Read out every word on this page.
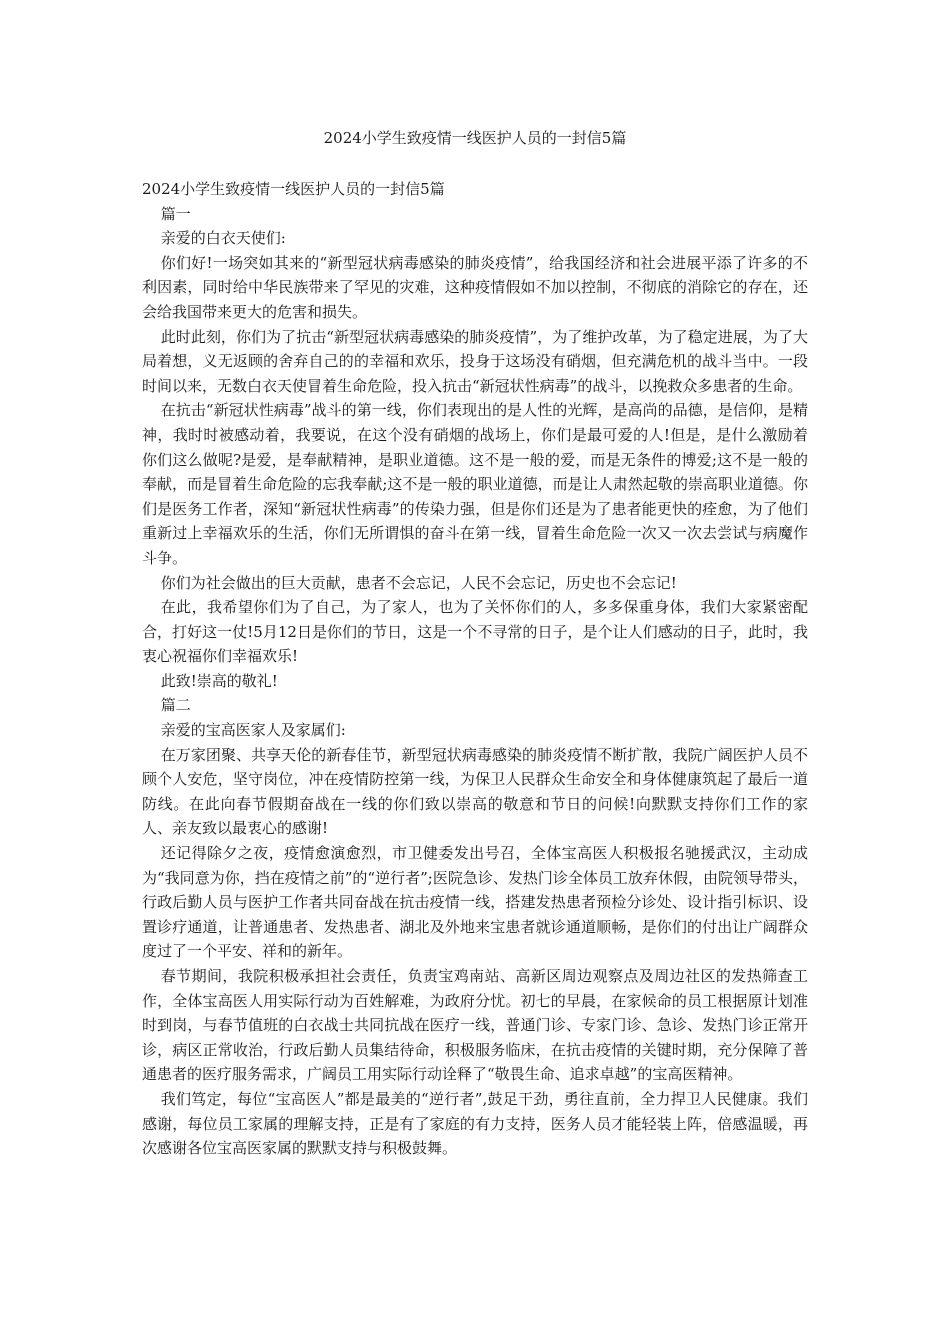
2024小学生致疫情一线医护人员的一封信5篇

2024小学生致疫情一线医护人员的一封信5篇

篇一

亲爱的白衣天使们:

你们好!一场突如其来的“新型冠状病毒感染的肺炎疫情”，给我国经济和社会进展平添了许多的不利因素，同时给中华民族带来了罕见的灾难，这种疫情假如不加以控制，不彻底的消除它的存在，还会给我国带来更大的危害和损失。

此时此刻，你们为了抗击“新型冠状病毒感染的肺炎疫情”，为了维护改革，为了稳定进展，为了大局着想，义无返顾的舍弃自己的的幸福和欢乐，投身于这场没有硝烟，但充满危机的战斗当中。一段时间以来，无数白衣天使冒着生命危险，投入抗击“新冠状性病毒”的战斗，以挽救众多患者的生命。

在抗击“新冠状性病毒”战斗的第一线，你们表现出的是人性的光辉，是高尚的品德，是信仰，是精神，我时时被感动着，我要说，在这个没有硝烟的战场上，你们是最可爱的人!但是，是什么激励着你们这么做呢?是爱，是奉献精神，是职业道德。这不是一般的爱，而是无条件的博爱;这不是一般的奉献，而是冒着生命危险的忘我奉献;这不是一般的职业道德，而是让人肃然起敬的崇高职业道德。你们是医务工作者，深知“新冠状性病毒”的传染力强，但是你们还是为了患者能更快的痊愈，为了他们重新过上幸福欢乐的生活，你们无所谓惧的奋斗在第一线，冒着生命危险一次又一次去尝试与病魔作斗争。

你们为社会做出的巨大贡献，患者不会忘记，人民不会忘记，历史也不会忘记!

在此，我希望你们为了自己，为了家人，也为了关怀你们的人，多多保重身体，我们大家紧密配合，打好这一仗!5月12日是你们的节日，这是一个不寻常的日子，是个让人们感动的日子，此时，我衷心祝福你们幸福欢乐!

此致!崇高的敬礼!

篇二

亲爱的宝高医家人及家属们:

在万家团聚、共享天伦的新春佳节，新型冠状病毒感染的肺炎疫情不断扩散，我院广阔医护人员不顾个人安危，坚守岗位，冲在疫情防控第一线，为保卫人民群众生命安全和身体健康筑起了最后一道防线。在此向春节假期奋战在一线的你们致以崇高的敬意和节日的问候!向默默支持你们工作的家人、亲友致以最衷心的感谢!

还记得除夕之夜，疫情愈演愈烈，市卫健委发出号召，全体宝高医人积极报名驰援武汉，主动成为“我同意为你，挡在疫情之前”的“逆行者”;医院急诊、发热门诊全体员工放弃休假，由院领导带头，行政后勤人员与医护工作者共同奋战在抗击疫情一线，搭建发热患者预检分诊处、设计指引标识、设置诊疗通道，让普通患者、发热患者、湖北及外地来宝患者就诊通道顺畅，是你们的付出让广阔群众度过了一个平安、祥和的新年。

春节期间，我院积极承担社会责任，负责宝鸡南站、高新区周边观察点及周边社区的发热筛查工作，全体宝高医人用实际行动为百姓解难，为政府分忧。初七的早晨，在家候命的员工根据原计划准时到岗，与春节值班的白衣战士共同抗战在医疗一线，普通门诊、专家门诊、急诊、发热门诊正常开诊，病区正常收治，行政后勤人员集结待命，积极服务临床，在抗击疫情的关键时期，充分保障了普通患者的医疗服务需求，广阔员工用实际行动诠释了“敬畏生命、追求卓越”的宝高医精神。

我们笃定，每位“宝高医人”都是最美的“逆行者”,鼓足干劲，勇往直前，全力捍卫人民健康。我们感谢，每位员工家属的理解支持，正是有了家庭的有力支持，医务人员才能轻装上阵，倍感温暖，再次感谢各位宝高医家属的默默支持与积极鼓舞。
